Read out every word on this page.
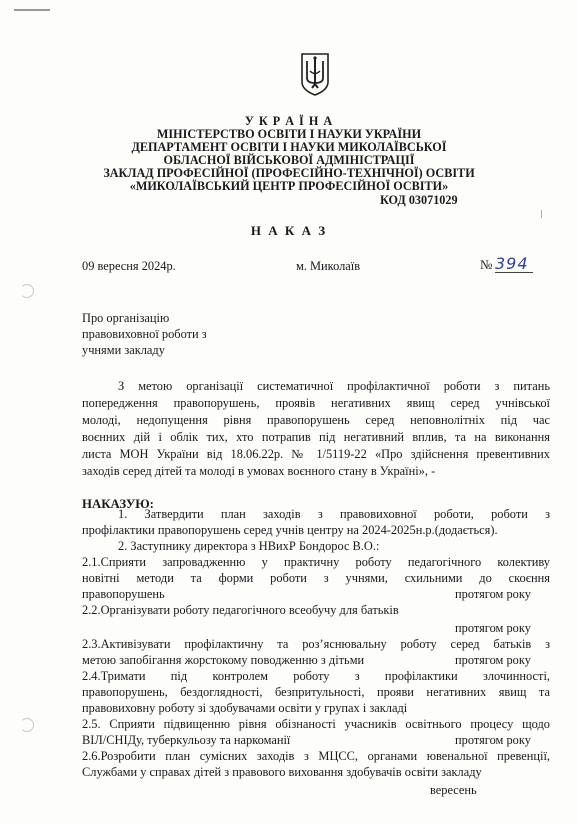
У К Р А Ї Н А
МІНІСТЕРСТВО ОСВІТИ І НАУКИ УКРАЇНИ
ДЕПАРТАМЕНТ ОСВІТИ І НАУКИ МИКОЛАЇВСЬКОЇ
ОБЛАСНОЇ ВІЙСЬКОВОЇ АДМІНІСТРАЦІЇ
ЗАКЛАД ПРОФЕСІЙНОЇ (ПРОФЕСІЙНО-ТЕХНІЧНОЇ) ОСВІТИ
«МИКОЛАЇВСЬКИЙ ЦЕНТР ПРОФЕСІЙНОЇ ОСВІТИ»
КОД 03071029
Н А К А З
09 вересня 2024р.	м. Миколаїв	№ 394
Про організацію
правовиховної роботи з
учнями закладу
З метою організації систематичної профілактичної роботи з питань
попередження правопорушень, проявів негативних явищ серед учнівської
молоді, недопущення рівня правопорушень серед неповнолітніх під час
воєнних дій і облік тих, хто потрапив під негативний вплив, та на виконання
листа МОН України від 18.06.22р. № 1/5119-22 «Про здійснення превентивних
заходів серед дітей та молоді в умовах воєнного стану в Україні», -
НАКАЗУЮ:
1. Затвердити план заходів з правовиховної роботи, роботи з
профілактики правопорушень серед учнів центру на 2024-2025н.р.(додається).
2. Заступнику директора з НВихР Бондорос В.О.:
2.1.Сприяти запровадженню у практичну роботу педагогічного колективу
новітні методи та форми роботи з учнями, схильними до скоєння
правопорушень	протягом року
2.2.Організувати роботу педагогічного всеобучу для батьків
протягом року
2.3.Активізувати профілактичну та роз’яснювальну роботу серед батьків з
метою запобігання жорстокому поводженню з дітьми	протягом року
2.4.Тримати під контролем роботу з профілактики злочинності,
правопорушень, бездоглядності, безпритульності, прояви негативних явищ та
правовиховну роботу зі здобувачами освіти у групах і закладі
2.5. Сприяти підвищенню рівня обізнаності учасників освітнього процесу щодо
ВІЛ/СНІДу, туберкульозу та наркоманії	протягом року
2.6.Розробити план сумісних заходів з МЦСС, органами ювенальної превенції,
Службами у справах дітей з правового виховання здобувачів освіти закладу
вересень
